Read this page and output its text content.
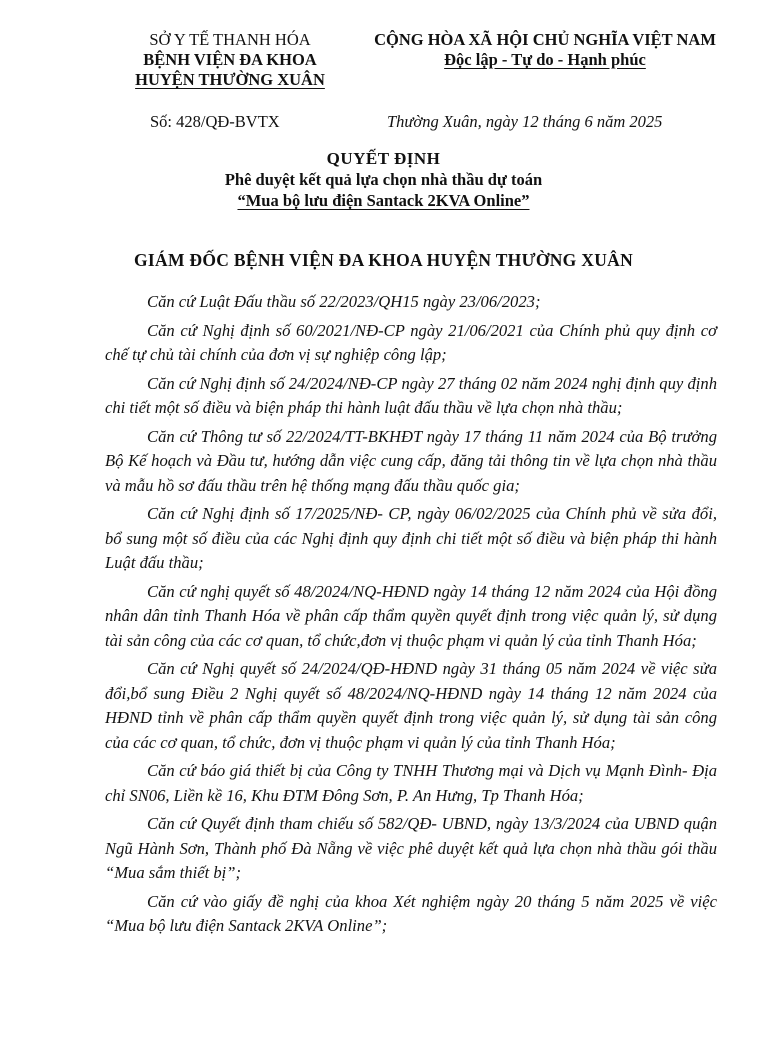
SỞ Y TẾ THANH HÓA
BỆNH VIỆN ĐA KHOA
HUYỆN THƯỜNG XUÂN
CỘNG HÒA XÃ HỘI CHỦ NGHĨA VIỆT NAM
Độc lập - Tự do - Hạnh phúc
Số: 428/QĐ-BVTX	Thường Xuân, ngày 12 tháng 6 năm 2025
QUYẾT ĐỊNH
Phê duyệt kết quả lựa chọn nhà thầu dự toán
“Mua bộ lưu điện Santack 2KVA Online”
GIÁM ĐỐC BỆNH VIỆN ĐA KHOA HUYỆN THƯỜNG XUÂN

Căn cứ Luật Đấu thầu số 22/2023/QH15 ngày 23/06/2023;

Căn cứ Nghị định số 60/2021/NĐ-CP ngày 21/06/2021 của Chính phủ quy định cơ chế tự chủ tài chính của đơn vị sự nghiệp công lập;

Căn cứ Nghị định số 24/2024/NĐ-CP ngày 27 tháng 02 năm 2024 nghị định quy định chi tiết một số điều và biện pháp thi hành luật đấu thầu về lựa chọn nhà thầu;

Căn cứ Thông tư số 22/2024/TT-BKHĐT ngày 17 tháng 11 năm 2024 của Bộ trưởng Bộ Kế hoạch và Đầu tư, hướng dẫn việc cung cấp, đăng tải thông tin về lựa chọn nhà thầu và mẫu hồ sơ đấu thầu trên hệ thống mạng đấu thầu quốc gia;

Căn cứ Nghị định số 17/2025/NĐ- CP, ngày 06/02/2025 của Chính phủ về sửa đổi, bổ sung một số điều của các Nghị định quy định chi tiết một số điều và biện pháp thi hành Luật đấu thầu;

Căn cứ nghị quyết số 48/2024/NQ-HĐND ngày 14 tháng 12 năm 2024 của Hội đồng nhân dân tỉnh Thanh Hóa về phân cấp thẩm quyền quyết định trong việc quản lý, sử dụng tài sản công của các cơ quan, tổ chức,đơn vị thuộc phạm vi quản lý của tỉnh Thanh Hóa;

Căn cứ Nghị quyết số 24/2024/QĐ-HĐND ngày 31 tháng 05 năm 2024 về việc sửa đổi,bổ sung Điều 2 Nghị quyết số 48/2024/NQ-HĐND ngày 14 tháng 12 năm 2024 của HĐND tỉnh về phân cấp thẩm quyền quyết định trong việc quản lý, sử dụng tài sản công của các cơ quan, tổ chức, đơn vị thuộc phạm vi quản lý của tỉnh Thanh Hóa;

Căn cứ báo giá thiết bị của Công ty TNHH Thương mại và Dịch vụ Mạnh Đình- Địa chỉ SN06, Liền kề 16, Khu ĐTM Đông Sơn, P. An Hưng, Tp Thanh Hóa;

Căn cứ Quyết định tham chiếu số 582/QĐ- UBND, ngày 13/3/2024 của UBND quận Ngũ Hành Sơn, Thành phố Đà Nẵng về việc phê duyệt kết quả lựa chọn nhà thầu gói thầu “Mua sắm thiết bị”;

Căn cứ vào giấy đề nghị của khoa Xét nghiệm ngày 20 tháng 5 năm 2025 về việc “Mua bộ lưu điện Santack 2KVA Online”;
